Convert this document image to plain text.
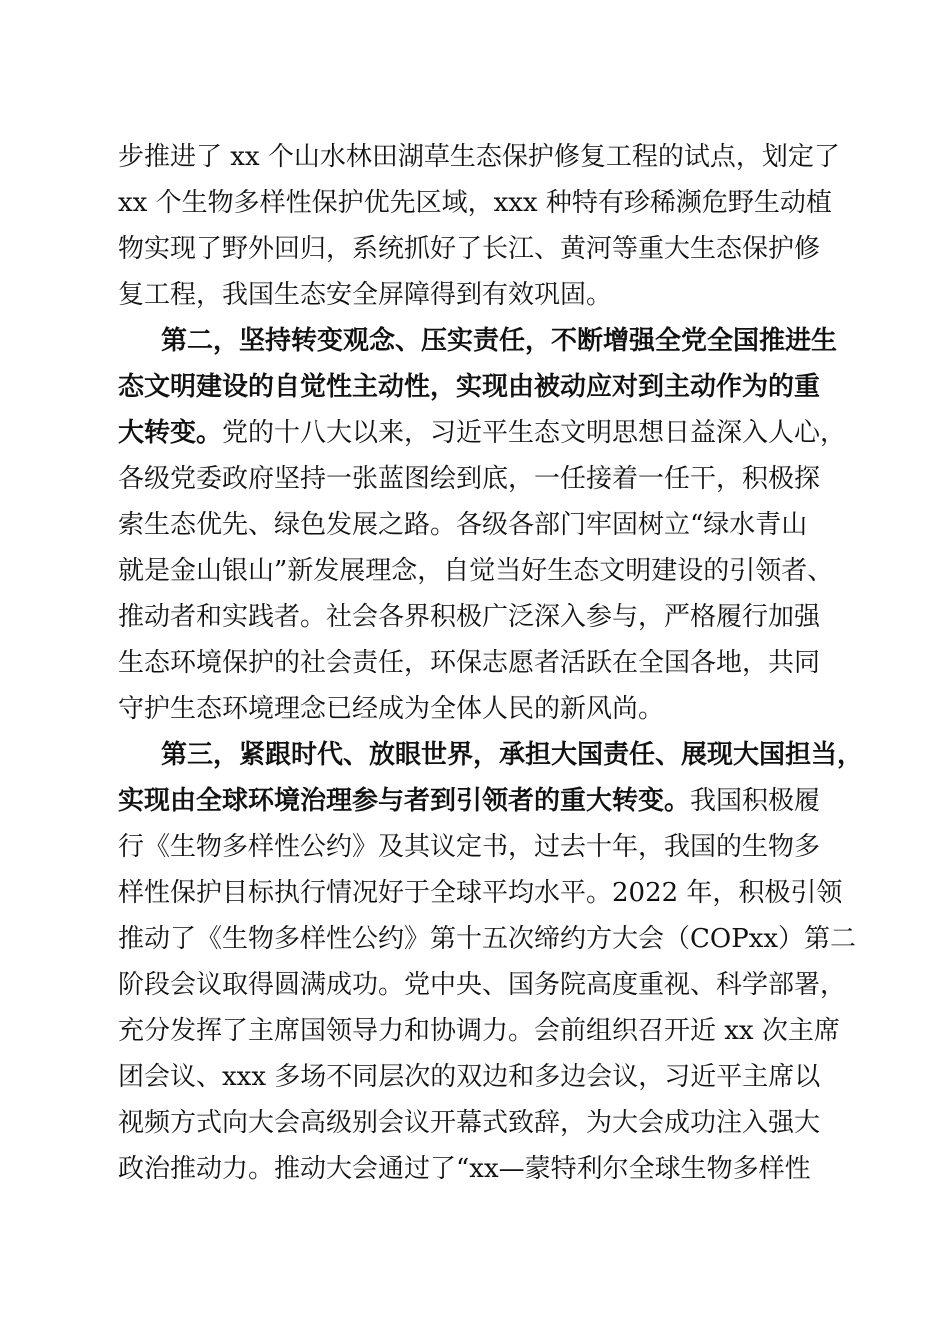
步推进了 xx 个山水林田湖草生态保护修复工程的试点，划定了
xx 个生物多样性保护优先区域，xxx 种特有珍稀濒危野生动植
物实现了野外回归，系统抓好了长江、黄河等重大生态保护修
复工程，我国生态安全屏障得到有效巩固。
第二，坚持转变观念、压实责任，不断增强全党全国推进生
态文明建设的自觉性主动性，实现由被动应对到主动作为的重
大转变。党的十八大以来，习近平生态文明思想日益深入人心，
各级党委政府坚持一张蓝图绘到底，一任接着一任干，积极探
索生态优先、绿色发展之路。各级各部门牢固树立“绿水青山
就是金山银山”新发展理念，自觉当好生态文明建设的引领者、
推动者和实践者。社会各界积极广泛深入参与，严格履行加强
生态环境保护的社会责任，环保志愿者活跃在全国各地，共同
守护生态环境理念已经成为全体人民的新风尚。
第三，紧跟时代、放眼世界，承担大国责任、展现大国担当，
实现由全球环境治理参与者到引领者的重大转变。我国积极履
行《生物多样性公约》及其议定书，过去十年，我国的生物多
样性保护目标执行情况好于全球平均水平。2022 年，积极引领
推动了《生物多样性公约》第十五次缔约方大会（COPxx）第二
阶段会议取得圆满成功。党中央、国务院高度重视、科学部署，
充分发挥了主席国领导力和协调力。会前组织召开近 xx 次主席
团会议、xxx 多场不同层次的双边和多边会议，习近平主席以
视频方式向大会高级别会议开幕式致辞，为大会成功注入强大
政治推动力。推动大会通过了“xx—蒙特利尔全球生物多样性
